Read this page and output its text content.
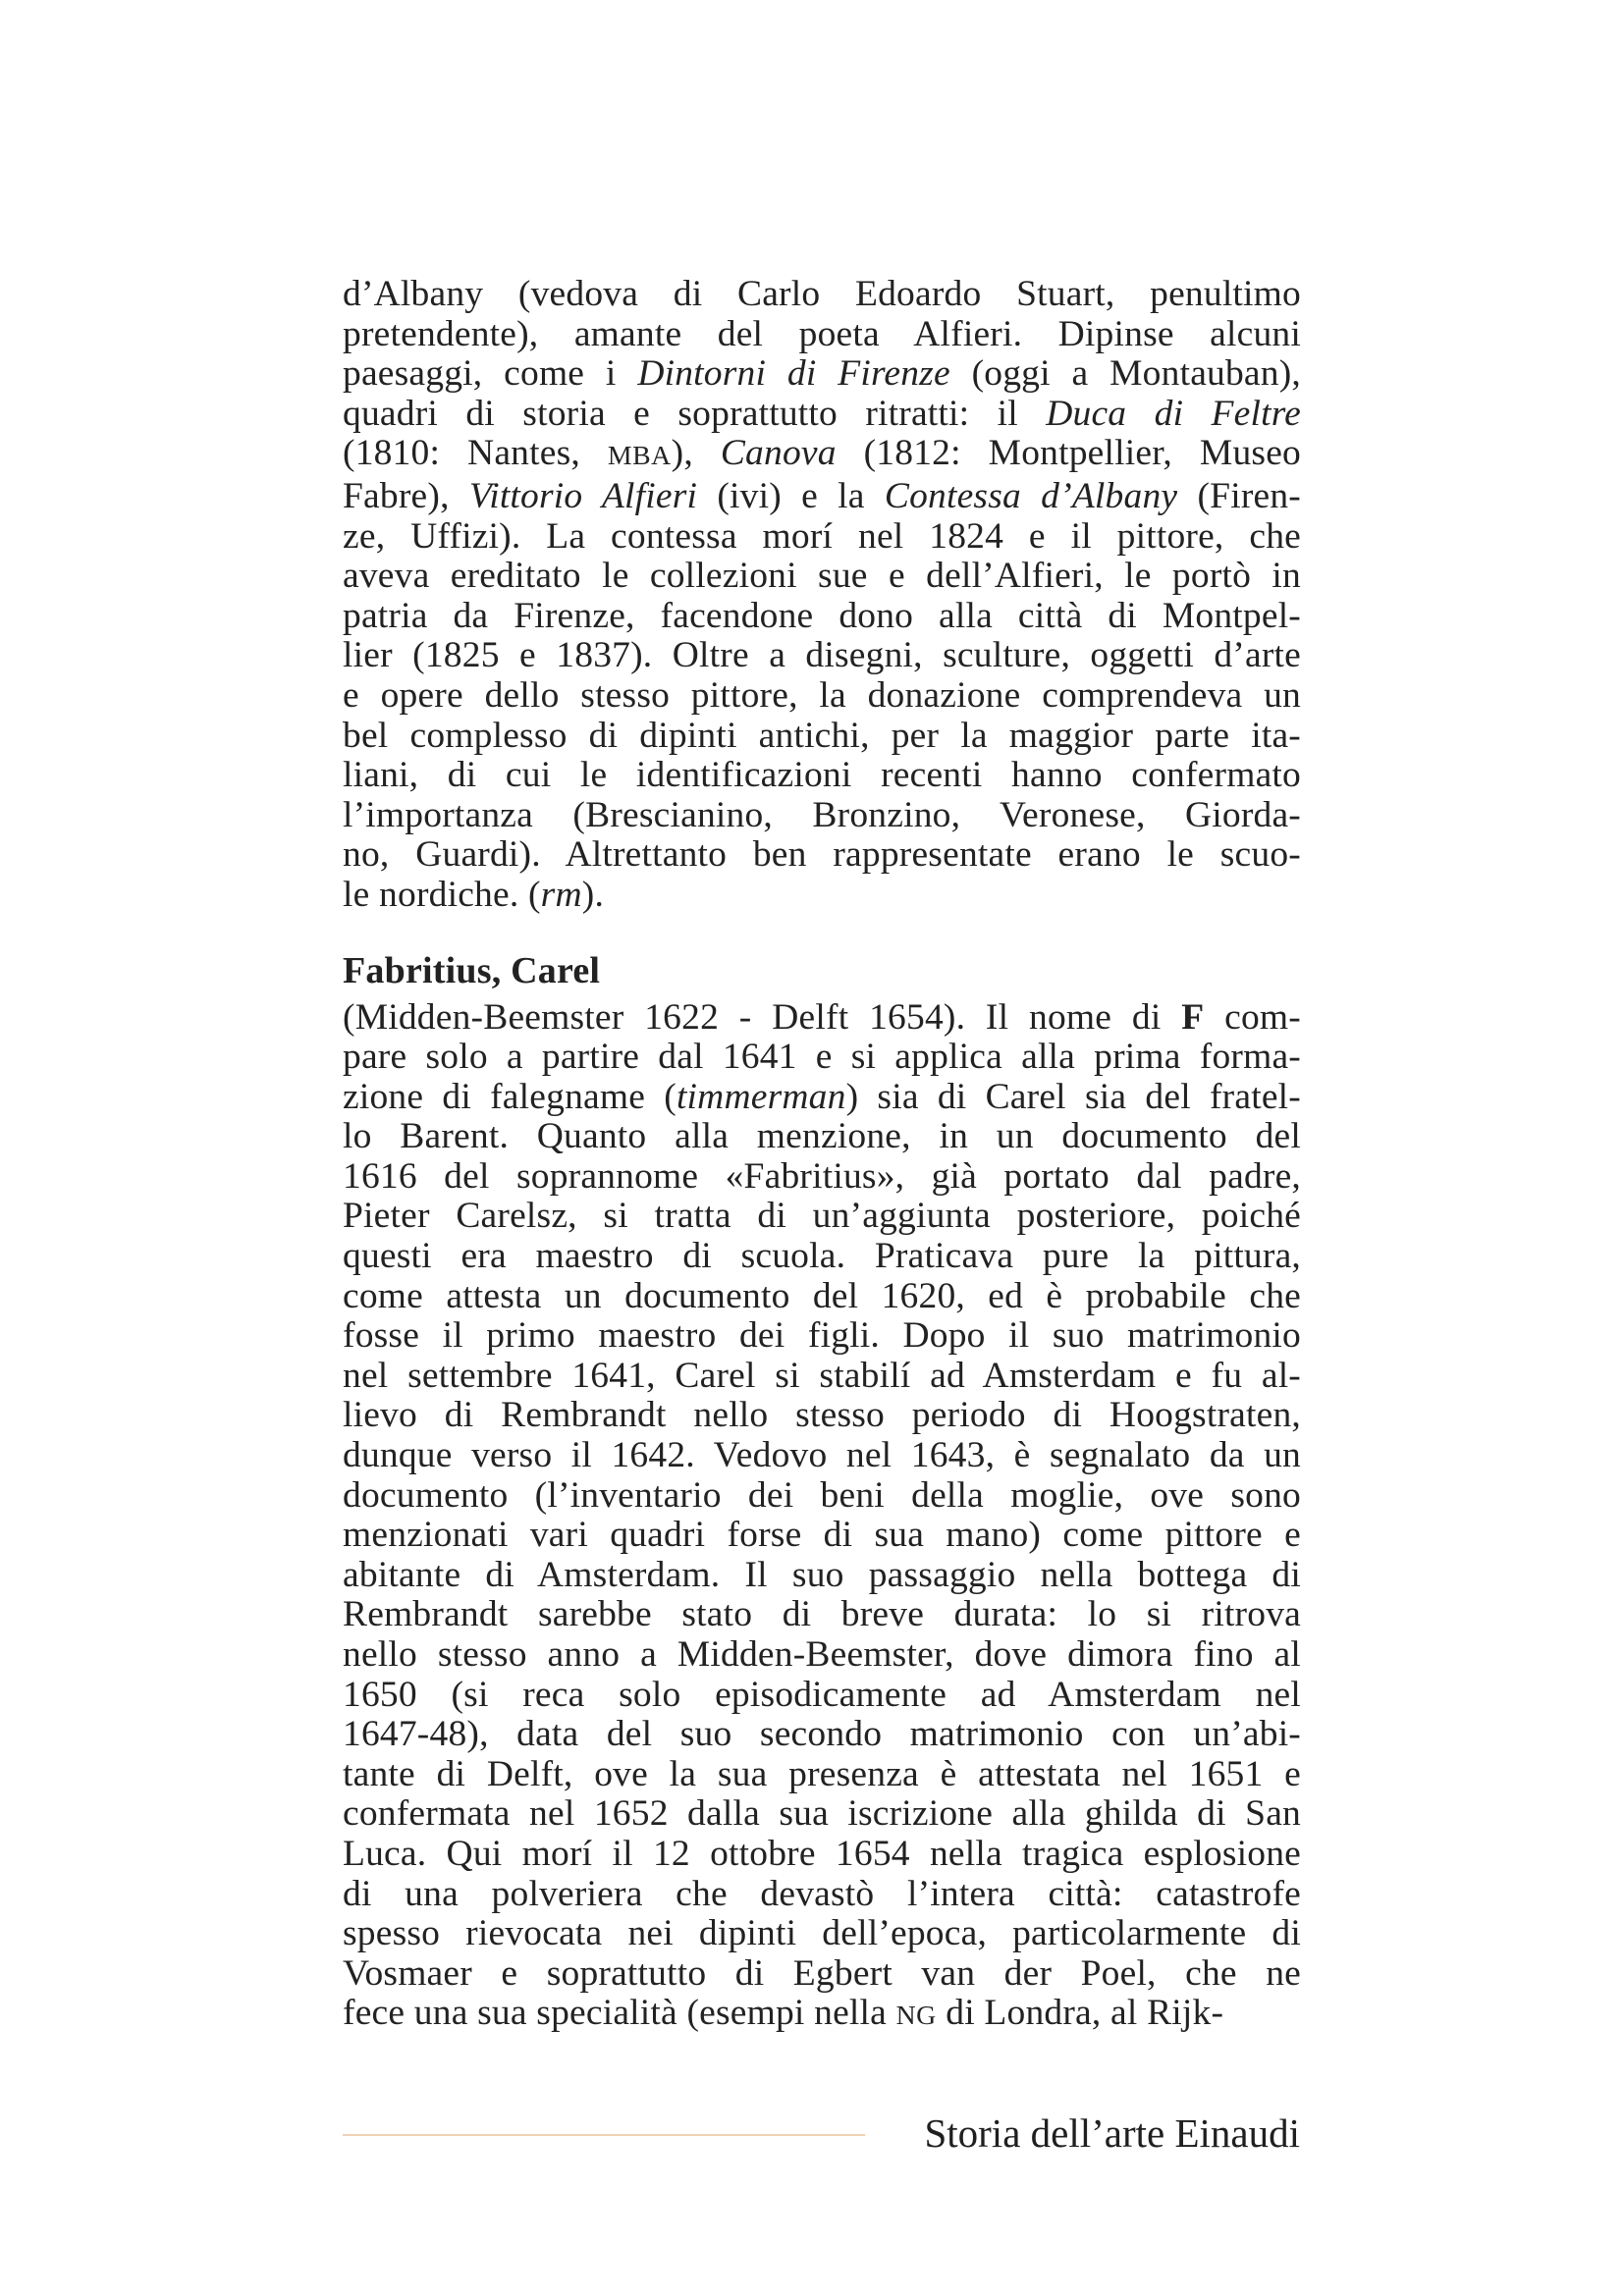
d’Albany (vedova di Carlo Edoardo Stuart, penultimo
pretendente), amante del poeta Alfieri. Dipinse alcuni
paesaggi, come i Dintorni di Firenze (oggi a Montauban),
quadri di storia e soprattutto ritratti: il Duca di Feltre
(1810: Nantes, MBA), Canova (1812: Montpellier, Museo
Fabre), Vittorio Alfieri (ivi) e la Contessa d’Albany (Firen-
ze, Uffizi). La contessa morí nel 1824 e il pittore, che
aveva ereditato le collezioni sue e dell’Alfieri, le portò in
patria da Firenze, facendone dono alla città di Montpel-
lier (1825 e 1837). Oltre a disegni, sculture, oggetti d’arte
e opere dello stesso pittore, la donazione comprendeva un
bel complesso di dipinti antichi, per la maggior parte ita-
liani, di cui le identificazioni recenti hanno confermato
l’importanza (Brescianino, Bronzino, Veronese, Giorda-
no, Guardi). Altrettanto ben rappresentate erano le scuo-
le nordiche. (rm).
Fabritius, Carel
(Midden-Beemster 1622 - Delft 1654). Il nome di F com-
pare solo a partire dal 1641 e si applica alla prima forma-
zione di falegname (timmerman) sia di Carel sia del fratel-
lo Barent. Quanto alla menzione, in un documento del
1616 del soprannome «Fabritius», già portato dal padre,
Pieter Carelsz, si tratta di un’aggiunta posteriore, poiché
questi era maestro di scuola. Praticava pure la pittura,
come attesta un documento del 1620, ed è probabile che
fosse il primo maestro dei figli. Dopo il suo matrimonio
nel settembre 1641, Carel si stabilí ad Amsterdam e fu al-
lievo di Rembrandt nello stesso periodo di Hoogstraten,
dunque verso il 1642. Vedovo nel 1643, è segnalato da un
documento (l’inventario dei beni della moglie, ove sono
menzionati vari quadri forse di sua mano) come pittore e
abitante di Amsterdam. Il suo passaggio nella bottega di
Rembrandt sarebbe stato di breve durata: lo si ritrova
nello stesso anno a Midden-Beemster, dove dimora fino al
1650 (si reca solo episodicamente ad Amsterdam nel
1647-48), data del suo secondo matrimonio con un’abi-
tante di Delft, ove la sua presenza è attestata nel 1651 e
confermata nel 1652 dalla sua iscrizione alla ghilda di San
Luca. Qui morí il 12 ottobre 1654 nella tragica esplosione
di una polveriera che devastò l’intera città: catastrofe
spesso rievocata nei dipinti dell’epoca, particolarmente di
Vosmaer e soprattutto di Egbert van der Poel, che ne
fece una sua specialità (esempi nella NG di Londra, al Rijk-
Storia dell’arte Einaudi
